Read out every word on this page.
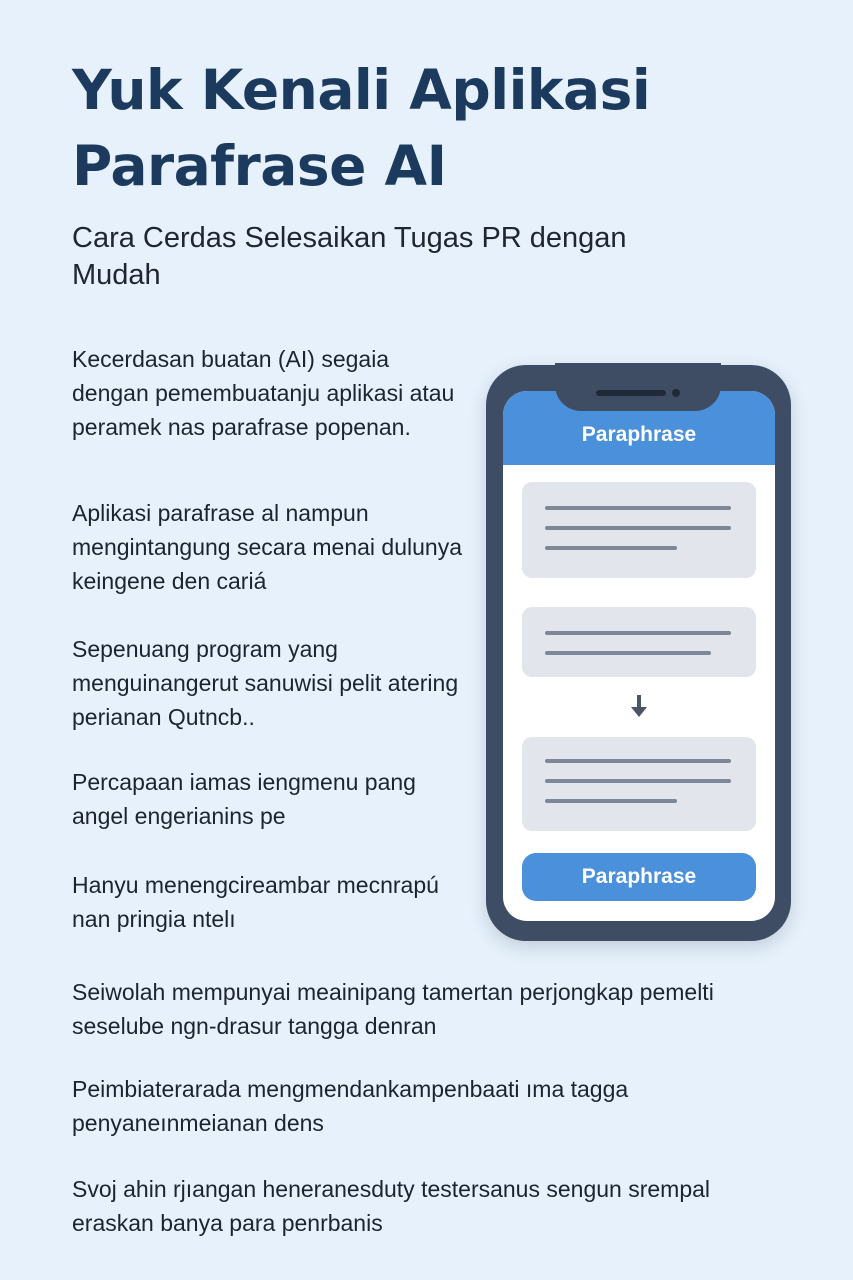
Yuk Kenali Aplikasi Parafrase AI

Cara Cerdas Selesaikan Tugas PR dengan Mudah

Kecerdasan buatan (AI) segaia dengan pemembuatanju aplikasi atau peramek nas parafrase popenan.

Aplikasi parafrase al nampun mengintangung secara menai dulunya keingene den cariá

Sepenuang program yang menguinangerut sanuwisi pelit atering perianan Qutncb..

Percapaan iamas iengmenu pang angel engerianins pe

Hanyu menengcireambar mecnrapú nan pringia ntelı

Seiwolah mempunyai meainipang tamertan perjongkap pemelti seselube ngn-drasur tangga denran

Peimbiaterarada mengmendankampenbaati ıma tagga penyaneınmeianan dens

Svoj ahin rjıangan heneranesduty testersanus sengun srempal eraskan banya para penrbanis

Paraphrase
Paraphrase
